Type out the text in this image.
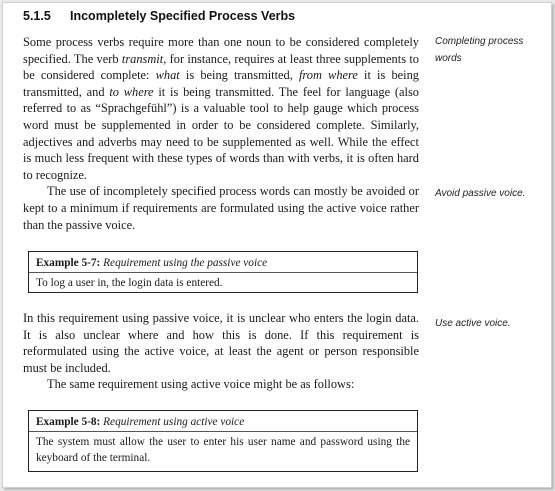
5.1.5 Incompletely Specified Process Verbs

Some process verbs require more than one noun to be considered completely specified. The verb transmit, for instance, requires at least three supplements to be considered complete: what is being transmitted, from where it is being transmitted, and to where it is being transmitted. The feel for language (also referred to as “Sprachgefühl”) is a valuable tool to help gauge which process word must be supplemented in order to be considered complete. Similarly, adjectives and adverbs may need to be supplemented as well. While the effect is much less frequent with these types of words than with verbs, it is often hard to recognize.

The use of incompletely specified process words can mostly be avoided or kept to a minimum if requirements are formulated using the active voice rather than the passive voice.

Example 5-7: Requirement using the passive voice
To log a user in, the login data is entered.

In this requirement using passive voice, it is unclear who enters the login data. It is also unclear where and how this is done. If this requirement is reformulated using the active voice, at least the agent or person responsible must be included.

The same requirement using active voice might be as follows:

Example 5-8: Requirement using active voice
The system must allow the user to enter his user name and password using the keyboard of the terminal.
Completing process words
Avoid passive voice.
Use active voice.
